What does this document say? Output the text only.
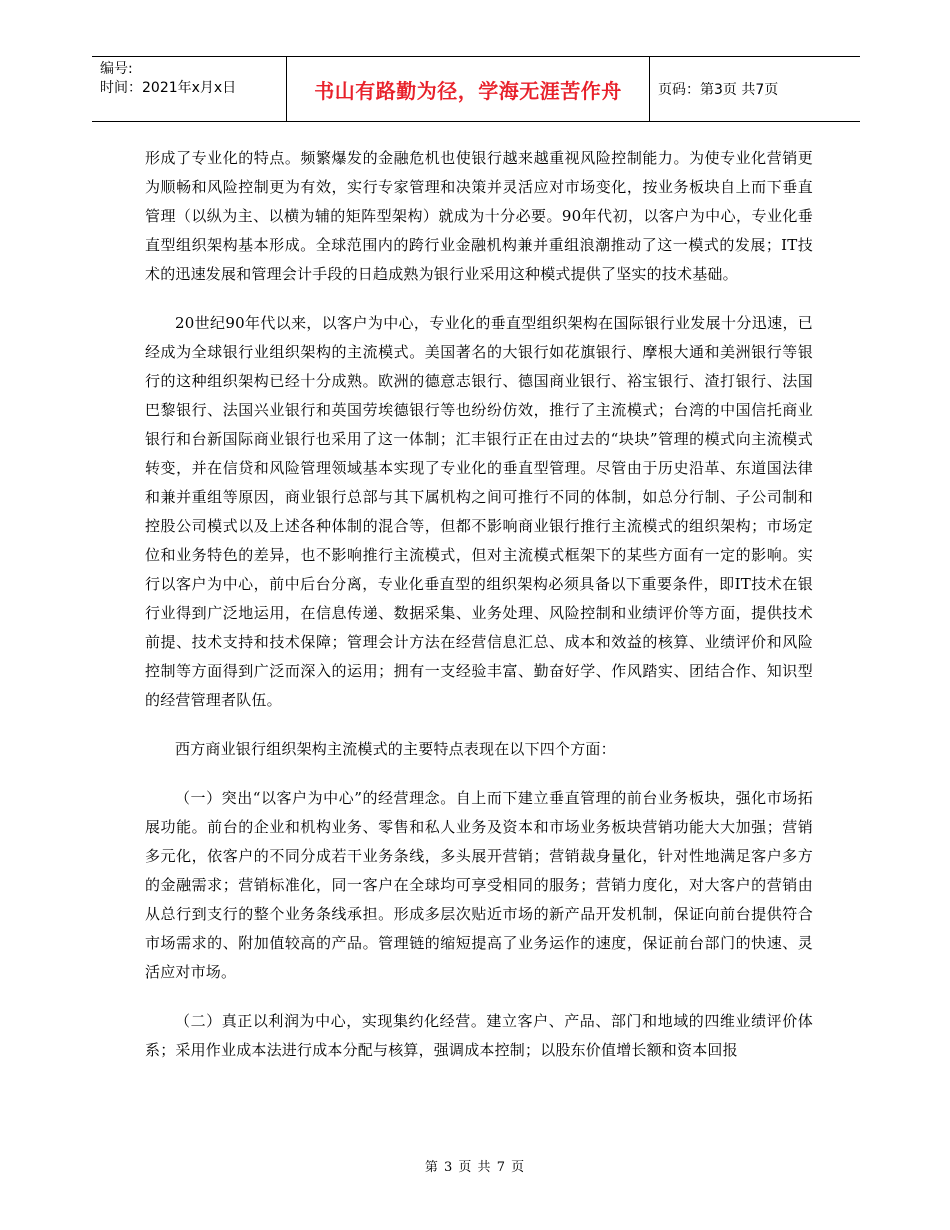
编号:
时间：2021年x月x日	书山有路勤为径，学海无涯苦作舟	页码：第3页 共7页

形成了专业化的特点。频繁爆发的金融危机也使银行越来越重视风险控制能力。为使专业化营销更为顺畅和风险控制更为有效，实行专家管理和决策并灵活应对市场变化，按业务板块自上而下垂直管理（以纵为主、以横为辅的矩阵型架构）就成为十分必要。90年代初，以客户为中心，专业化垂直型组织架构基本形成。全球范围内的跨行业金融机构兼并重组浪潮推动了这一模式的发展；IT技术的迅速发展和管理会计手段的日趋成熟为银行业采用这种模式提供了坚实的技术基础。

20世纪90年代以来，以客户为中心，专业化的垂直型组织架构在国际银行业发展十分迅速，已经成为全球银行业组织架构的主流模式。美国著名的大银行如花旗银行、摩根大通和美洲银行等银行的这种组织架构已经十分成熟。欧洲的德意志银行、德国商业银行、裕宝银行、渣打银行、法国巴黎银行、法国兴业银行和英国劳埃德银行等也纷纷仿效，推行了主流模式；台湾的中国信托商业银行和台新国际商业银行也采用了这一体制；汇丰银行正在由过去的“块块”管理的模式向主流模式转变，并在信贷和风险管理领域基本实现了专业化的垂直型管理。尽管由于历史沿革、东道国法律和兼并重组等原因，商业银行总部与其下属机构之间可推行不同的体制，如总分行制、子公司制和控股公司模式以及上述各种体制的混合等，但都不影响商业银行推行主流模式的组织架构；市场定位和业务特色的差异，也不影响推行主流模式，但对主流模式框架下的某些方面有一定的影响。实行以客户为中心，前中后台分离，专业化垂直型的组织架构必须具备以下重要条件，即IT技术在银行业得到广泛地运用，在信息传递、数据采集、业务处理、风险控制和业绩评价等方面，提供技术前提、技术支持和技术保障；管理会计方法在经营信息汇总、成本和效益的核算、业绩评价和风险控制等方面得到广泛而深入的运用；拥有一支经验丰富、勤奋好学、作风踏实、团结合作、知识型的经营管理者队伍。

西方商业银行组织架构主流模式的主要特点表现在以下四个方面：

（一）突出“以客户为中心”的经营理念。自上而下建立垂直管理的前台业务板块，强化市场拓展功能。前台的企业和机构业务、零售和私人业务及资本和市场业务板块营销功能大大加强；营销多元化，依客户的不同分成若干业务条线，多头展开营销；营销裁身量化，针对性地满足客户多方的金融需求；营销标准化，同一客户在全球均可享受相同的服务；营销力度化，对大客户的营销由从总行到支行的整个业务条线承担。形成多层次贴近市场的新产品开发机制，保证向前台提供符合市场需求的、附加值较高的产品。管理链的缩短提高了业务运作的速度，保证前台部门的快速、灵活应对市场。

（二）真正以利润为中心，实现集约化经营。建立客户、产品、部门和地域的四维业绩评价体系；采用作业成本法进行成本分配与核算，强调成本控制；以股东价值增长额和资本回报

第 3 页 共 7 页
